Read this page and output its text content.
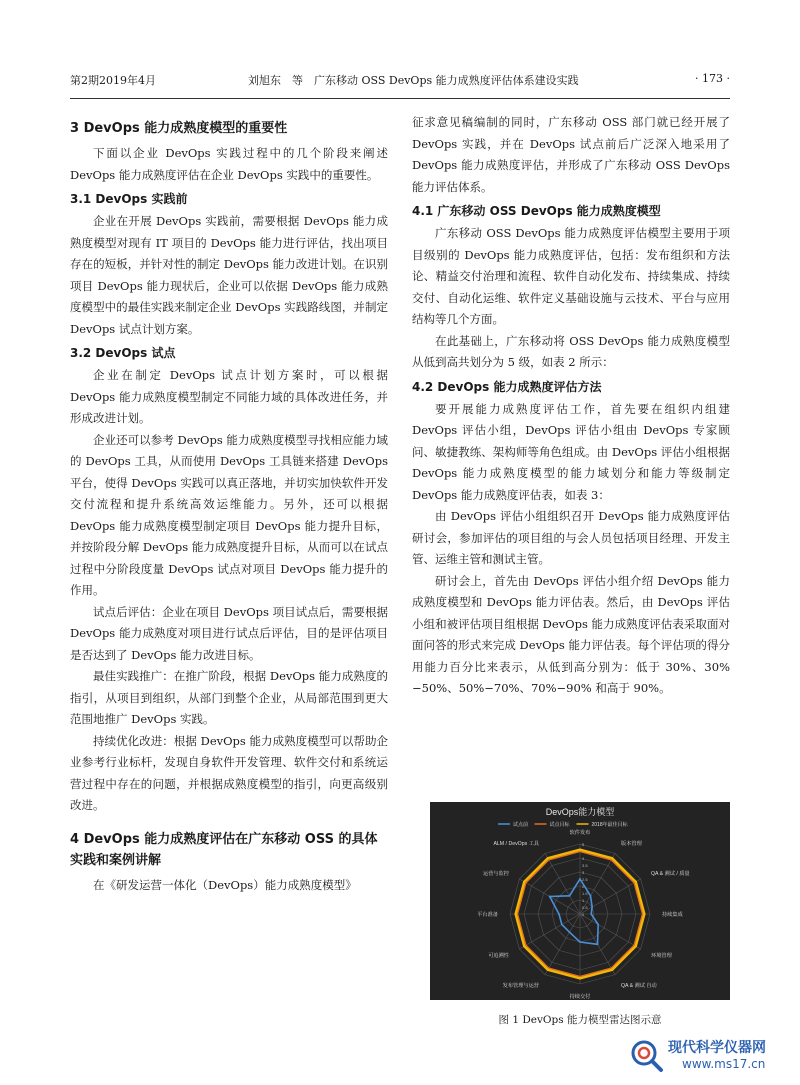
第2期2019年4月	刘旭东　等　广东移动 OSS DevOps 能力成熟度评估体系建设实践	· 173 ·
3 DevOps 能力成熟度模型的重要性

下面以企业 DevOps 实践过程中的几个阶段来阐述 DevOps 能力成熟度评估在企业 DevOps 实践中的重要性。

3.1 DevOps 实践前

企业在开展 DevOps 实践前，需要根据 DevOps 能力成熟度模型对现有 IT 项目的 DevOps 能力进行评估，找出项目存在的短板，并针对性的制定 DevOps 能力改进计划。在识别项目 DevOps 能力现状后，企业可以依据 DevOps 能力成熟度模型中的最佳实践来制定企业 DevOps 实践路线图，并制定 DevOps 试点计划方案。

3.2 DevOps 试点

企业在制定 DevOps 试点计划方案时，可以根据 DevOps 能力成熟度模型制定不同能力域的具体改进任务，并形成改进计划。

企业还可以参考 DevOps 能力成熟度模型寻找相应能力域的 DevOps 工具，从而使用 DevOps 工具链来搭建 DevOps 平台，使得 DevOps 实践可以真正落地，并切实加快软件开发交付流程和提升系统高效运维能力。另外，还可以根据 DevOps 能力成熟度模型制定项目 DevOps 能力提升目标，并按阶段分解 DevOps 能力成熟度提升目标，从而可以在试点过程中分阶段度量 DevOps 试点对项目 DevOps 能力提升的作用。

试点后评估：企业在项目 DevOps 项目试点后，需要根据 DevOps 能力成熟度对项目进行试点后评估，目的是评估项目是否达到了 DevOps 能力改进目标。

最佳实践推广：在推广阶段，根据 DevOps 能力成熟度的指引，从项目到组织，从部门到整个企业，从局部范围到更大范围地推广 DevOps 实践。

持续优化改进：根据 DevOps 能力成熟度模型可以帮助企业参考行业标杆，发现自身软件开发管理、软件交付和系统运营过程中存在的问题，并根据成熟度模型的指引，向更高级别改进。

4 DevOps 能力成熟度评估在广东移动 OSS 的具体实践和案例讲解

在《研发运营一体化（DevOps）能力成熟度模型》

征求意见稿编制的同时，广东移动 OSS 部门就已经开展了 DevOps 实践，并在 DevOps 试点前后广泛深入地采用了 DevOps 能力成熟度评估，并形成了广东移动 OSS DevOps 能力评估体系。

4.1 广东移动 OSS DevOps 能力成熟度模型

广东移动 OSS DevOps 能力成熟度评估模型主要用于项目级别的 DevOps 能力成熟度评估，包括：发布组织和方法论、精益交付治理和流程、软件自动化发布、持续集成、持续交付、自动化运维、软件定义基础设施与云技术、平台与应用结构等几个方面。

在此基础上，广东移动将 OSS DevOps 能力成熟度模型从低到高共划分为 5 级，如表 2 所示：

4.2 DevOps 能力成熟度评估方法

要开展能力成熟度评估工作，首先要在组织内组建 DevOps 评估小组，DevOps 评估小组由 DevOps 专家顾问、敏捷教练、架构师等角色组成。由 DevOps 评估小组根据 DevOps 能力成熟度模型的能力域划分和能力等级制定 DevOps 能力成熟度评估表，如表 3：

由 DevOps 评估小组组织召开 DevOps 能力成熟度评估研讨会，参加评估的项目组的与会人员包括项目经理、开发主管、运维主管和测试主管。

研讨会上，首先由 DevOps 评估小组介绍 DevOps 能力成熟度模型和 DevOps 能力评估表。然后，由 DevOps 评估小组和被评估项目组根据 DevOps 能力成熟度评估表采取面对面问答的形式来完成 DevOps 能力评估表。每个评估项的得分用能力百分比来表示，从低到高分别为：低于 30%、30%−50%、50%−70%、70%−90% 和高于 90%。

DevOps能力模型
试点前	试点目标	2018年最佳目标
0
0.5
1
1.5
2
2.5
3
3.5
4
4.5
5
软件发布
版本管理
QA & 测试 / 质量
持续集成
环境管理
QA & 测试 自动
持续交付
发布管理与运营
可追溯性
平台准备
运营与监控
ALM / DevOps 工具
图 1 DevOps 能力模型雷达图示意
现代科学仪器网
www.ms17.cn
